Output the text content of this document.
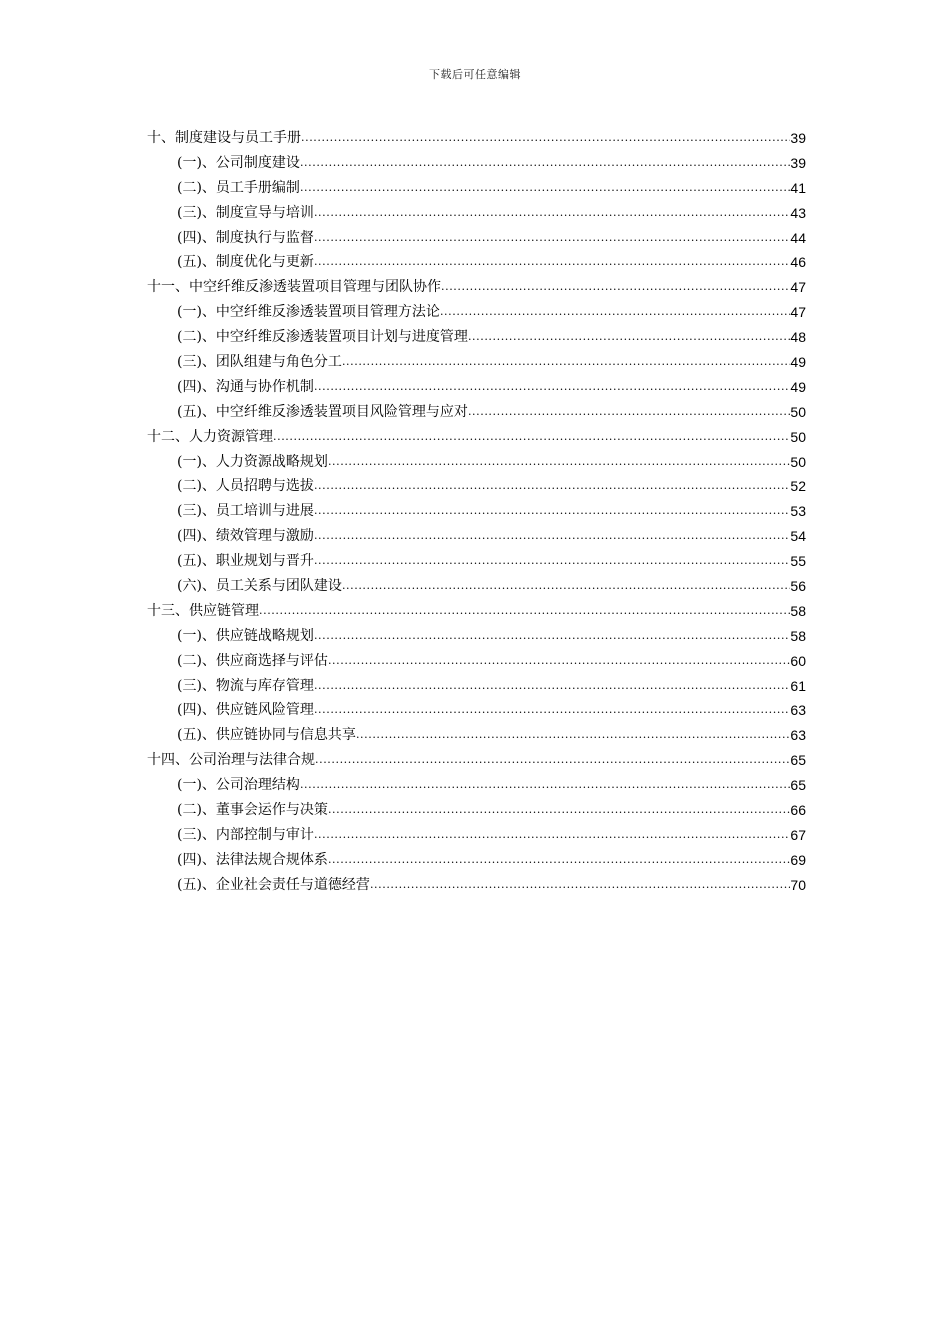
下载后可任意编辑
十、制度建设与员工手册 .....	39
(一)、公司制度建设 .....	39
(二)、员工手册编制 .....	41
(三)、制度宣导与培训 .....	43
(四)、制度执行与监督 .....	44
(五)、制度优化与更新 .....	46
十一、中空纤维反渗透装置项目管理与团队协作 .....	47
(一)、中空纤维反渗透装置项目管理方法论 .....	47
(二)、中空纤维反渗透装置项目计划与进度管理 .....	48
(三)、团队组建与角色分工 .....	49
(四)、沟通与协作机制 .....	49
(五)、中空纤维反渗透装置项目风险管理与应对 .....	50
十二、人力资源管理 .....	50
(一)、人力资源战略规划 .....	50
(二)、人员招聘与选拔 .....	52
(三)、员工培训与进展 .....	53
(四)、绩效管理与激励 .....	54
(五)、职业规划与晋升 .....	55
(六)、员工关系与团队建设 .....	56
十三、供应链管理 .....	58
(一)、供应链战略规划 .....	58
(二)、供应商选择与评估 .....	60
(三)、物流与库存管理 .....	61
(四)、供应链风险管理 .....	63
(五)、供应链协同与信息共享 .....	63
十四、公司治理与法律合规 .....	65
(一)、公司治理结构 .....	65
(二)、董事会运作与决策 .....	66
(三)、内部控制与审计 .....	67
(四)、法律法规合规体系 .....	69
(五)、企业社会责任与道德经营 .....	70
